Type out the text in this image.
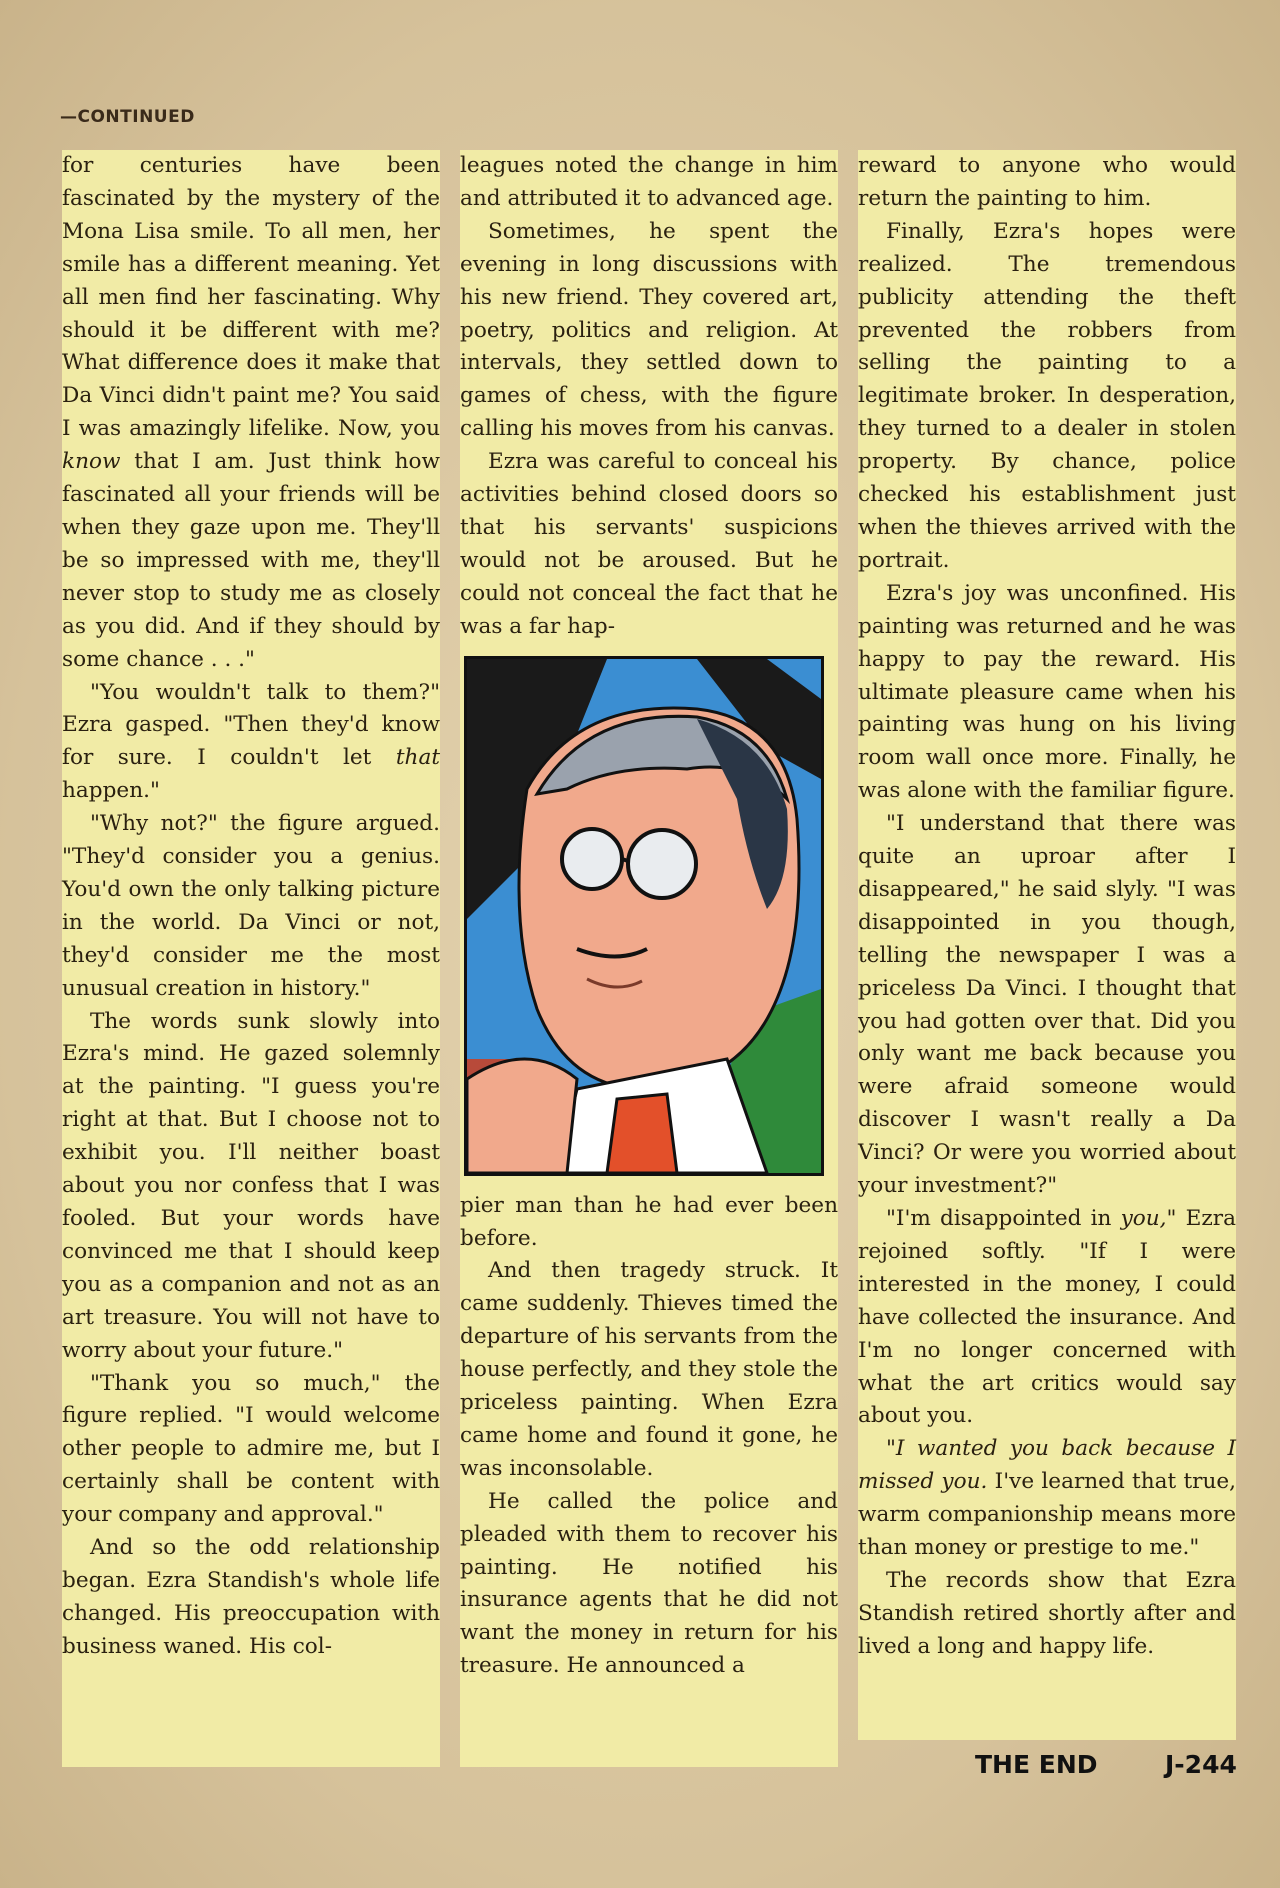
—CONTINUED

for centuries have been fascinated by the mystery of the Mona Lisa smile. To all men, her smile has a different meaning. Yet all men find her fascinating. Why should it be different with me? What difference does it make that Da Vinci didn't paint me? You said I was amazingly lifelike. Now, you know that I am. Just think how fascinated all your friends will be when they gaze upon me. They'll be so impressed with me, they'll never stop to study me as closely as you did. And if they should by some chance . . ."

"You wouldn't talk to them?" Ezra gasped. "Then they'd know for sure. I couldn't let that happen."

"Why not?" the figure argued. "They'd consider you a genius. You'd own the only talking picture in the world. Da Vinci or not, they'd consider me the most unusual creation in history."

The words sunk slowly into Ezra's mind. He gazed solemnly at the painting. "I guess you're right at that. But I choose not to exhibit you. I'll neither boast about you nor confess that I was fooled. But your words have convinced me that I should keep you as a companion and not as an art treasure. You will not have to worry about your future."

"Thank you so much," the figure replied. "I would welcome other people to admire me, but I certainly shall be content with your company and approval."

And so the odd relationship began. Ezra Standish's whole life changed. His preoccupation with business waned. His col-

leagues noted the change in him and attributed it to advanced age.

Sometimes, he spent the evening in long discussions with his new friend. They covered art, poetry, politics and religion. At intervals, they settled down to games of chess, with the figure calling his moves from his canvas.

Ezra was careful to conceal his activities behind closed doors so that his servants' suspicions would not be aroused. But he could not conceal the fact that he was a far hap-

pier man than he had ever been before.

And then tragedy struck. It came suddenly. Thieves timed the departure of his servants from the house perfectly, and they stole the priceless painting. When Ezra came home and found it gone, he was inconsolable.

He called the police and pleaded with them to recover his painting. He notified his insurance agents that he did not want the money in return for his treasure. He announced a

reward to anyone who would return the painting to him.

Finally, Ezra's hopes were realized. The tremendous publicity attending the theft prevented the robbers from selling the painting to a legitimate broker. In desperation, they turned to a dealer in stolen property. By chance, police checked his establishment just when the thieves arrived with the portrait.

Ezra's joy was unconfined. His painting was returned and he was happy to pay the reward. His ultimate pleasure came when his painting was hung on his living room wall once more. Finally, he was alone with the familiar figure.

"I understand that there was quite an uproar after I disappeared," he said slyly. "I was disappointed in you though, telling the newspaper I was a priceless Da Vinci. I thought that you had gotten over that. Did you only want me back because you were afraid someone would discover I wasn't really a Da Vinci? Or were you worried about your investment?"

"I'm disappointed in you," Ezra rejoined softly. "If I were interested in the money, I could have collected the insurance. And I'm no longer concerned with what the art critics would say about you.

"I wanted you back because I missed you. I've learned that true, warm companionship means more than money or prestige to me."

The records show that Ezra Standish retired shortly after and lived a long and happy life.

THE END	J-244
